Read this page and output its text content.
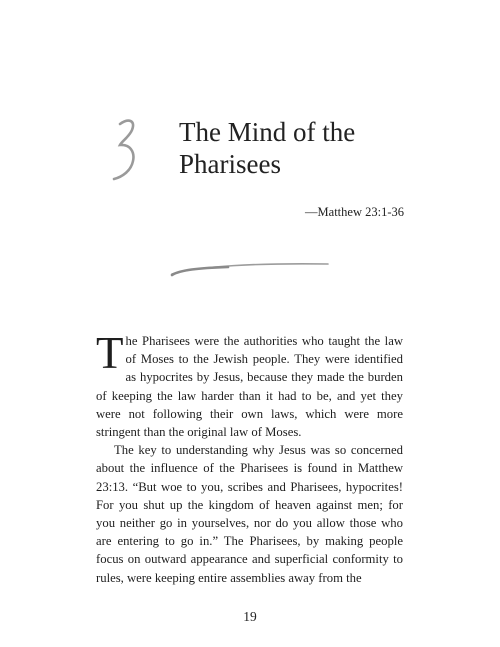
The Mind of the Pharisees
—Matthew 23:1-36

The Pharisees were the authorities who taught the law of Moses to the Jewish people. They were identified as hypocrites by Jesus, because they made the burden of keeping the law harder than it had to be, and yet they were not following their own laws, which were more stringent than the original law of Moses.

The key to understanding why Jesus was so concerned about the influence of the Pharisees is found in Matthew 23:13. “But woe to you, scribes and Pharisees, hypocrites! For you shut up the kingdom of heaven against men; for you neither go in yourselves, nor do you allow those who are entering to go in.” The Pharisees, by making people focus on outward appearance and superficial conformity to rules, were keeping entire assemblies away from the

19
